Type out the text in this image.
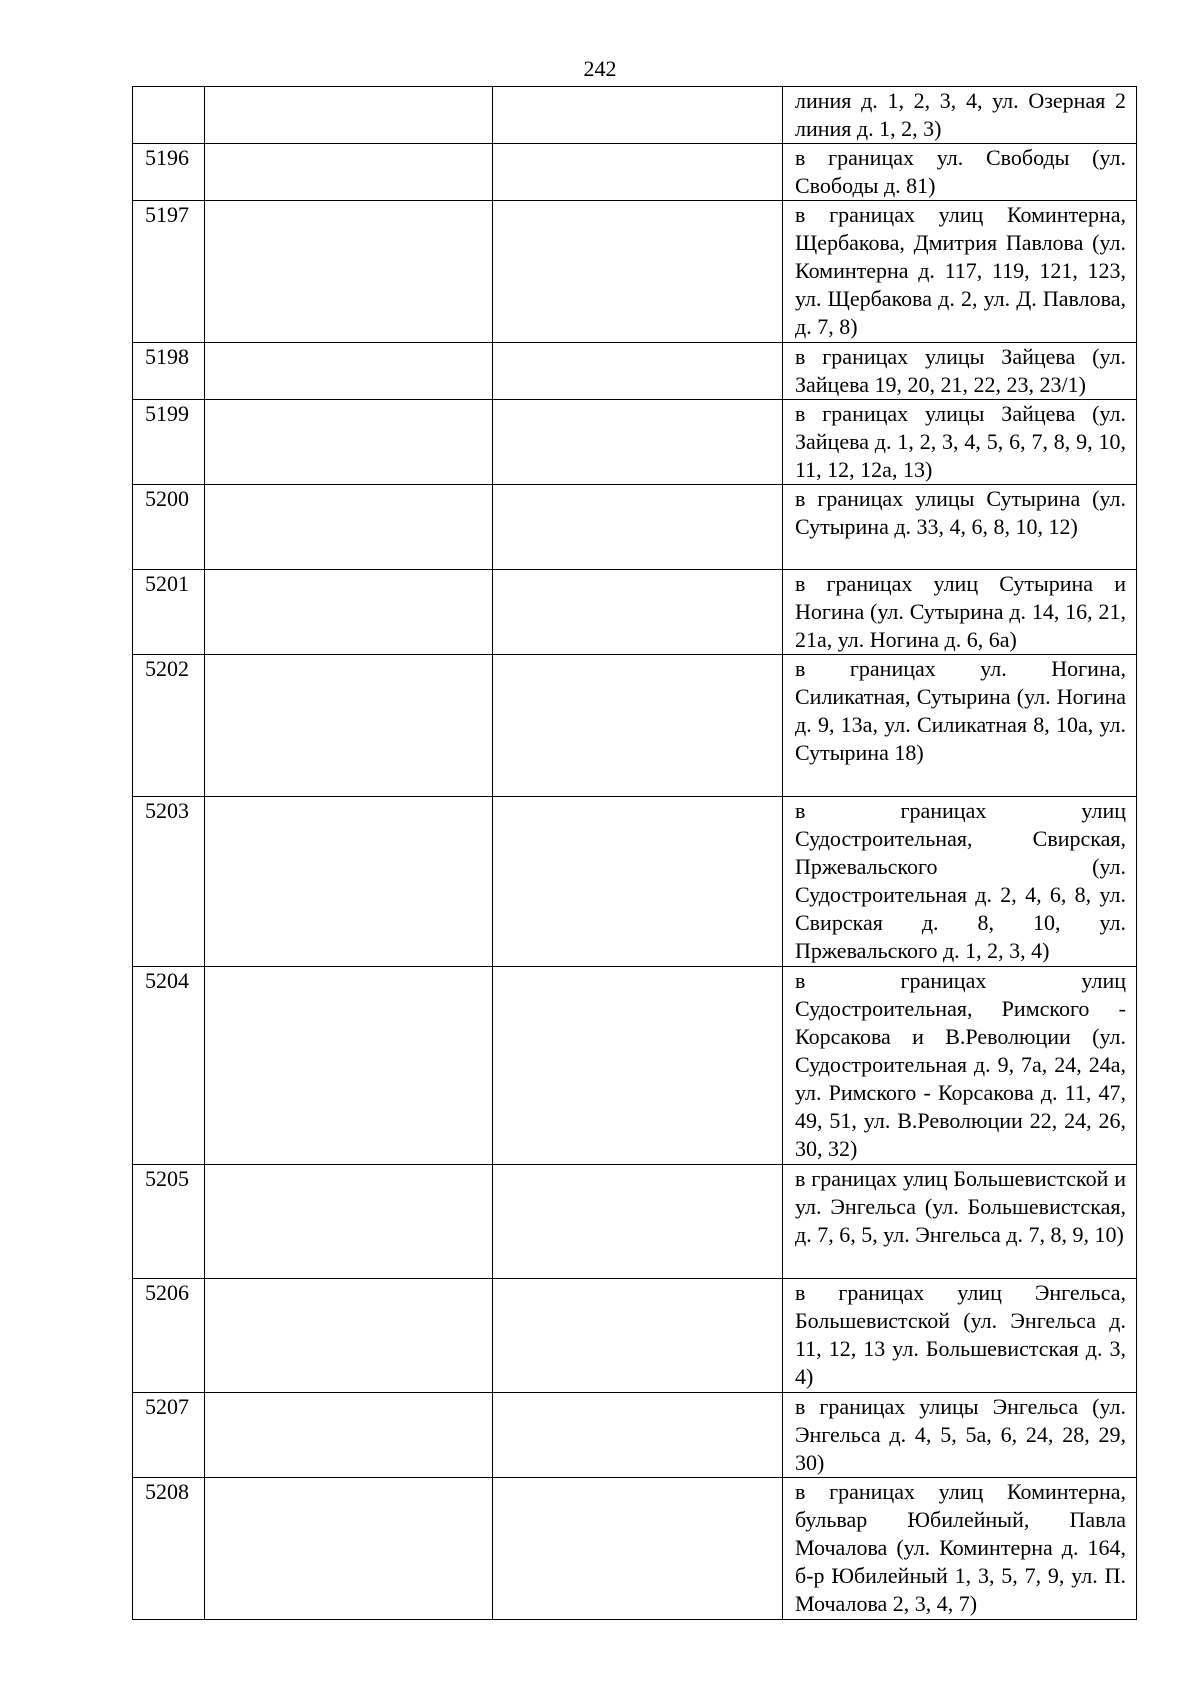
242
			линия д. 1, 2, 3, 4, ул. Озерная 2 линия д. 1, 2, 3)
5196			в границах ул. Свободы (ул. Свободы д. 81)
5197			в границах улиц Коминтерна, Щербакова, Дмитрия Павлова (ул. Коминтерна д. 117, 119, 121, 123, ул. Щербакова д. 2, ул. Д. Павлова, д. 7, 8)
5198			в границах улицы Зайцева (ул. Зайцева 19, 20, 21, 22, 23, 23/1)
5199			в границах улицы Зайцева (ул. Зайцева д. 1, 2, 3, 4, 5, 6, 7, 8, 9, 10, 11, 12, 12а, 13)
5200			в границах улицы Сутырина (ул. Сутырина д. 33, 4, 6, 8, 10, 12)
5201			в границах улиц Сутырина и Ногина (ул. Сутырина д. 14, 16, 21, 21а, ул. Ногина д. 6, 6а)
5202			в границах ул. Ногина, Силикатная, Сутырина (ул. Ногина д. 9, 13а, ул. Силикатная 8, 10а, ул. Сутырина 18)
5203			в границах улиц Судостроительная, Свирская, Пржевальского (ул. Судостроительная д. 2, 4, 6, 8, ул. Свирская д. 8, 10, ул. Пржевальского д. 1, 2, 3, 4)
5204			в границах улиц Судостроительная, Римского - Корсакова и В.Революции (ул. Судостроительная д. 9, 7а, 24, 24а, ул. Римского - Корсакова д. 11, 47, 49, 51, ул. В.Революции 22, 24, 26, 30, 32)
5205			в границах улиц Большевистской и ул. Энгельса (ул. Большевистская, д. 7, 6, 5, ул. Энгельса д. 7, 8, 9, 10)
5206			в границах улиц Энгельса, Большевистской (ул. Энгельса д. 11, 12, 13 ул. Большевистская д. 3, 4)
5207			в границах улицы Энгельса (ул. Энгельса д. 4, 5, 5а, 6, 24, 28, 29, 30)
5208			в границах улиц Коминтерна, бульвар Юбилейный, Павла Мочалова (ул. Коминтерна д. 164, б-р Юбилейный 1, 3, 5, 7, 9, ул. П. Мочалова 2, 3, 4, 7)
